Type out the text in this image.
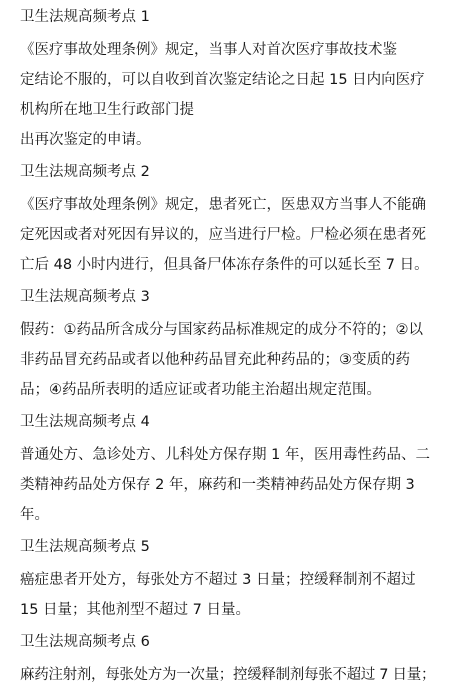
卫生法规高频考点 1
《医疗事故处理条例》规定，当事人对首次医疗事故技术鉴
定结论不服的，可以自收到首次鉴定结论之日起 15 日内向医疗
机构所在地卫生行政部门提
出再次鉴定的申请。
卫生法规高频考点 2
《医疗事故处理条例》规定，患者死亡，医患双方当事人不能确
定死因或者对死因有异议的，应当进行尸检。尸检必须在患者死
亡后 48 小时内进行，但具备尸体冻存条件的可以延长至 7 日。
卫生法规高频考点 3
假药：①药品所含成分与国家药品标准规定的成分不符的；②以
非药品冒充药品或者以他种药品冒充此种药品的；③变质的药
品；④药品所表明的适应证或者功能主治超出规定范围。
卫生法规高频考点 4
普通处方、急诊处方、儿科处方保存期 1 年，医用毒性药品、二
类精神药品处方保存 2 年，麻药和一类精神药品处方保存期 3
年。
卫生法规高频考点 5
癌症患者开处方，每张处方不超过 3 日量；控缓释制剂不超过
15 日量；其他剂型不超过 7 日量。
卫生法规高频考点 6
麻药注射剂，每张处方为一次量；控缓释制剂每张不超过 7 日量；
